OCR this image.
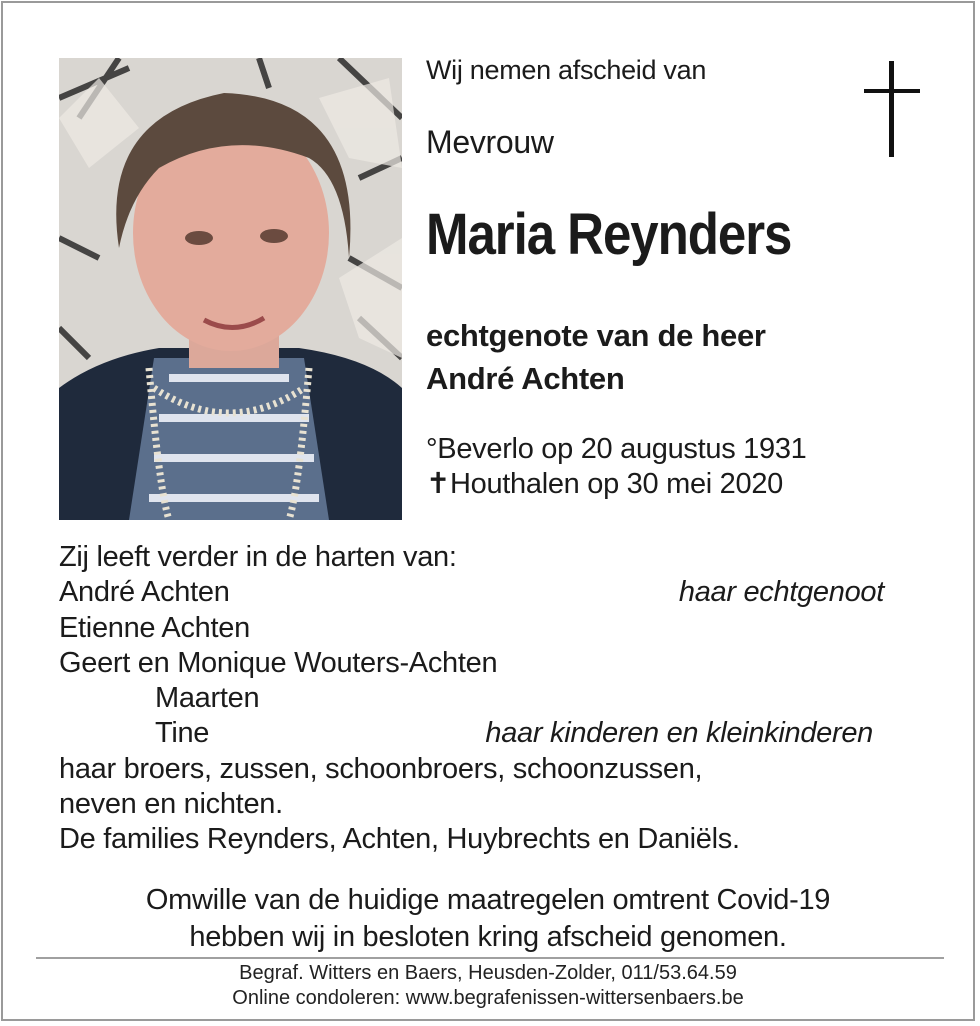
Wij nemen afscheid van
Mevrouw
Maria Reynders
echtgenote van de heer
André Achten
°Beverlo op 20 augustus 1931
✝Houthalen op 30 mei 2020
Zij leeft verder in de harten van:
André Achten	haar echtgenoot
Etienne Achten
Geert en Monique Wouters-Achten
Maarten
Tine	haar kinderen en kleinkinderen
haar broers, zussen, schoonbroers, schoonzussen,
neven en nichten.
De families Reynders, Achten, Huybrechts en Daniëls.
Omwille van de huidige maatregelen omtrent Covid-19
hebben wij in besloten kring afscheid genomen.
Begraf. Witters en Baers, Heusden-Zolder, 011/53.64.59
Online condoleren: www.begrafenissen-wittersenbaers.be
